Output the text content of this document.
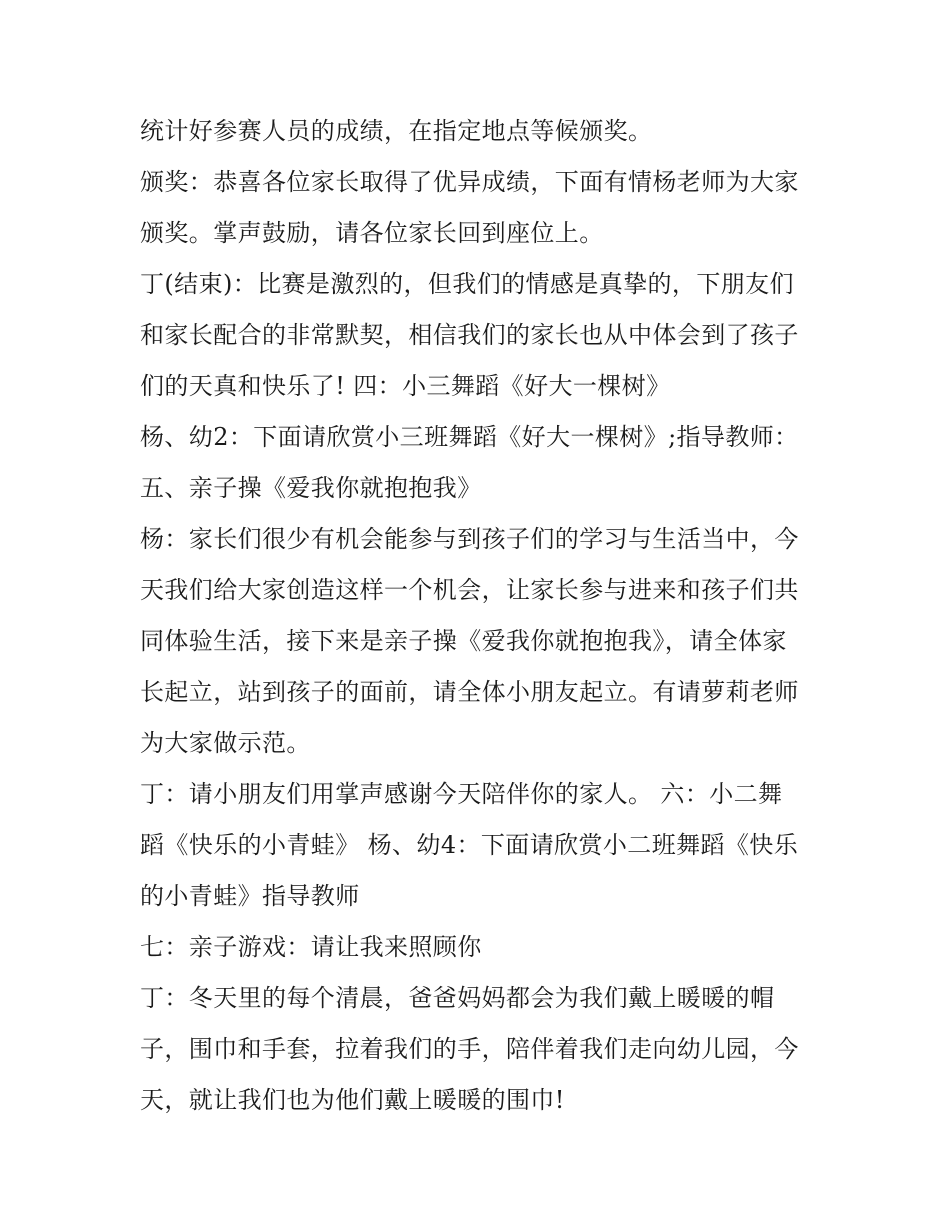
统计好参赛人员的成绩，在指定地点等候颁奖。
颁奖：恭喜各位家长取得了优异成绩，下面有情杨老师为大家
颁奖。掌声鼓励，请各位家长回到座位上。
丁(结束)：比赛是激烈的，但我们的情感是真挚的，下朋友们
和家长配合的非常默契，相信我们的家长也从中体会到了孩子
们的天真和快乐了! 四：小三舞蹈《好大一棵树》
杨、幼2：下面请欣赏小三班舞蹈《好大一棵树》;指导教师：
五、亲子操《爱我你就抱抱我》
杨：家长们很少有机会能参与到孩子们的学习与生活当中，今
天我们给大家创造这样一个机会，让家长参与进来和孩子们共
同体验生活，接下来是亲子操《爱我你就抱抱我》，请全体家
长起立，站到孩子的面前，请全体小朋友起立。有请萝莉老师
为大家做示范。
丁：请小朋友们用掌声感谢今天陪伴你的家人。 六：小二舞
蹈《快乐的小青蛙》 杨、幼4：下面请欣赏小二班舞蹈《快乐
的小青蛙》指导教师
七：亲子游戏：请让我来照顾你
丁：冬天里的每个清晨，爸爸妈妈都会为我们戴上暖暖的帽
子，围巾和手套，拉着我们的手，陪伴着我们走向幼儿园，今
天，就让我们也为他们戴上暖暖的围巾!
